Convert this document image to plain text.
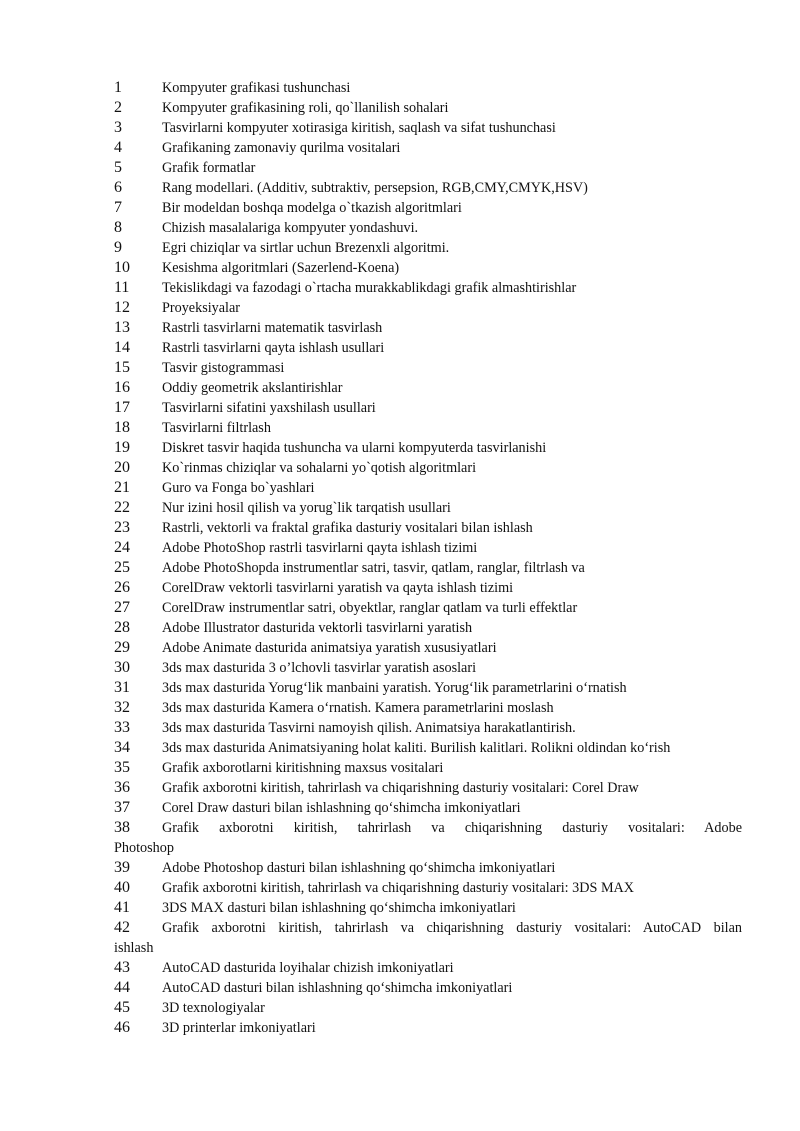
1	Kompyuter grafikasi tushunchasi
2	Kompyuter grafikasining roli, qo`llanilish sohalari
3	Tasvirlarni kompyuter xotirasiga kiritish, saqlash va sifat tushunchasi
4	Grafikaning zamonaviy qurilma vositalari
5	Grafik formatlar
6	Rang modellari. (Additiv, subtraktiv, persepsion, RGB,CMY,CMYK,HSV)
7	Bir modeldan boshqa modelga o`tkazish algoritmlari
8	Chizish masalalariga kompyuter yondashuvi.
9	Egri chiziqlar va sirtlar uchun Brezenxli algoritmi.
10	Kesishma algoritmlari (Sazerlend-Koena)
11	Tekislikdagi va fazodagi o`rtacha murakkablikdagi grafik almashtirishlar
12	Proyeksiyalar
13	Rastrli tasvirlarni matematik tasvirlash
14	Rastrli tasvirlarni qayta ishlash usullari
15	Tasvir gistogrammasi
16	Oddiy geometrik akslantirishlar
17	Tasvirlarni sifatini yaxshilash usullari
18	Tasvirlarni filtrlash
19	Diskret tasvir haqida tushuncha va ularni kompyuterda tasvirlanishi
20	Ko`rinmas chiziqlar va sohalarni yo`qotish algoritmlari
21	Guro va Fonga bo`yashlari
22	Nur izini hosil qilish va yorug`lik tarqatish usullari
23	Rastrli, vektorli va fraktal grafika dasturiy vositalari bilan ishlash
24	Adobe PhotoShop rastrli tasvirlarni qayta ishlash tizimi
25	Adobe PhotoShopda instrumentlar satri, tasvir, qatlam, ranglar, filtrlash va
26	CorelDraw vektorli tasvirlarni yaratish va qayta ishlash tizimi
27	CorelDraw instrumentlar satri, obyektlar, ranglar qatlam va turli effektlar
28	Adobe Illustrator dasturida vektorli tasvirlarni yaratish
29	Adobe Animate dasturida animatsiya yaratish xususiyatlari
30	3ds max dasturida 3 o’lchovli tasvirlar yaratish asoslari
31	3ds max dasturida Yorug‘lik manbaini yaratish. Yorug‘lik parametrlarini o‘rnatish
32	3ds max dasturida Kamera o‘rnatish. Kamera parametrlarini moslash
33	3ds max dasturida Tasvirni namoyish qilish. Animatsiya harakatlantirish.
34	3ds max dasturida Animatsiyaning holat kaliti. Burilish kalitlari. Rolikni oldindan ko‘rish
35	Grafik axborotlarni kiritishning maxsus vositalari
36	Grafik axborotni kiritish, tahrirlash va chiqarishning dasturiy vositalari: Corel Draw
37	Corel Draw dasturi bilan ishlashning qo‘shimcha imkoniyatlari
38 Grafik axborotni kiritish, tahrirlash va chiqarishning dasturiy vositalari: Adobe
Photoshop
39	Adobe Photoshop dasturi bilan ishlashning qo‘shimcha imkoniyatlari
40	Grafik axborotni kiritish, tahrirlash va chiqarishning dasturiy vositalari: 3DS MAX
41	3DS MAX dasturi bilan ishlashning qo‘shimcha imkoniyatlari
42 Grafik axborotni kiritish, tahrirlash va chiqarishning dasturiy vositalari: AutoCAD bilan
ishlash
43	AutoCAD dasturida loyihalar chizish imkoniyatlari
44	AutoCAD dasturi bilan ishlashning qo‘shimcha imkoniyatlari
45	3D texnologiyalar
46	3D printerlar imkoniyatlari
